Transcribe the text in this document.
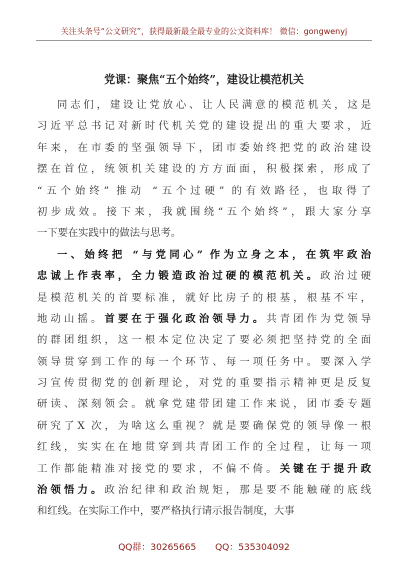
关注头条号“公文研究”，获得最新最全最专业的公文资料库！ 微信：gongwenyj
党课：聚焦“五个始终”，建设让模范机关
同志们，建设让党放心、让人民满意的模范机关，这是
习近平总书记对新时代机关党的建设提出的重大要求，近
年来，在市委的坚强领导下，团市委始终把党的政治建设
摆在首位，统领机关建设的方方面面，积极探索，形成了
“五个始终” 推动 “五个过硬” 的有效路径，也取得了
初步成效。接下来，我就围绕“五个始终”，跟大家分享
一下要在实践中的做法与思考。
一、始终把 “与党同心” 作为立身之本，在筑牢政治
忠诚上作表率，全力锻造政治过硬的模范机关。政治过硬
是模范机关的首要标准，就好比房子的根基，根基不牢，
地动山摇。首要在于强化政治领导力。共青团作为党领导
的群团组织，这一根本定位决定了要必须把坚持党的全面
领导贯穿到工作的每一个环节、每一项任务中。要深入学
习宣传贯彻党的创新理论，对党的重要指示精神更是反复
研读、深刻领会。就拿党建带团建工作来说，团市委专题
研究了X 次，为啥这么重视？就是要确保党的领导像一根
红线，实实在在地贯穿到共青团工作的全过程，让每一项
工作都能精准对接党的要求，不偏不倚。关键在于提升政
治领悟力。政治纪律和政治规矩，那是要不能触碰的底线
和红线。在实际工作中，要严格执行请示报告制度，大事
QQ群：30265665 QQ：535304092
